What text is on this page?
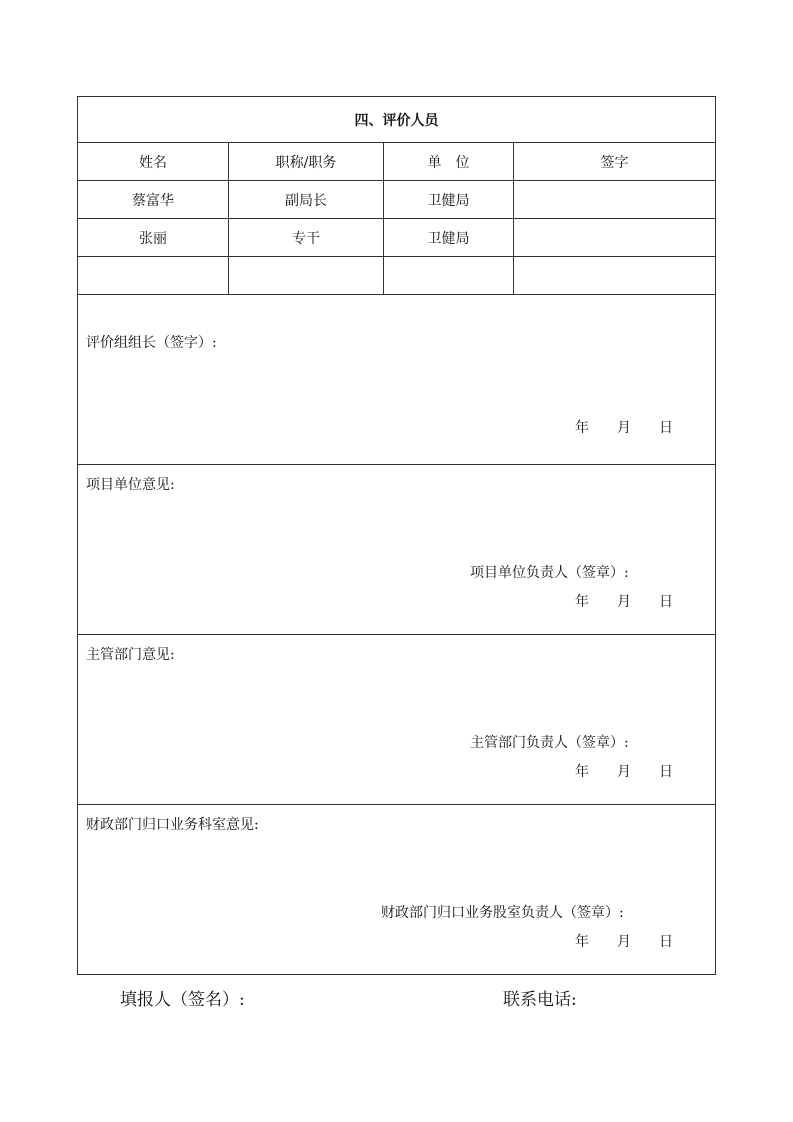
四、评价人员			
姓名	职称/职务	单　位	签字
蔡富华	副局长	卫健局	
张丽	专干	卫健局	

评价组组长（签字）:
年 月 日			

项目单位意见:
项目单位负责人（签章）:
年 月 日			

主管部门意见:
主管部门负责人（签章）:
年 月 日			

财政部门归口业务科室意见:
财政部门归口业务股室负责人（签章）:
年 月 日			
填报人（签名）:	联系电话:
